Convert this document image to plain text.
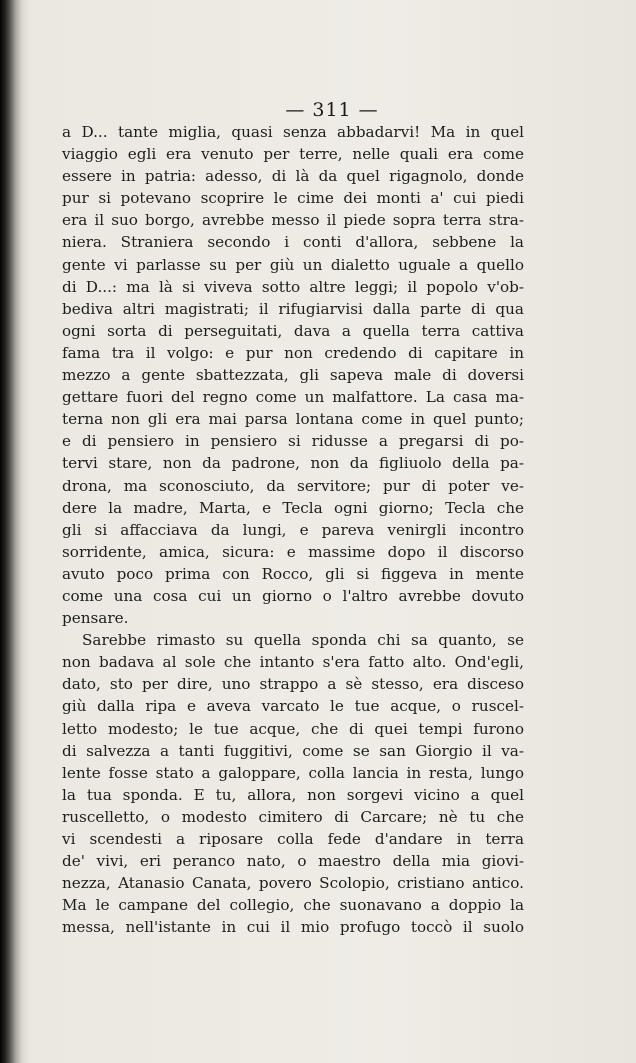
— 311 —
a D... tante miglia, quasi senza abbadarvi! Ma in quel
viaggio egli era venuto per terre, nelle quali era come
essere in patria: adesso, di là da quel rigagnolo, donde
pur si potevano scoprire le cime dei monti a' cui piedi
era il suo borgo, avrebbe messo il piede sopra terra stra-
niera. Straniera secondo i conti d'allora, sebbene la
gente vi parlasse su per giù un dialetto uguale a quello
di D...: ma là si viveva sotto altre leggi; il popolo v'ob-
bediva altri magistrati; il rifugiarvisi dalla parte di qua
ogni sorta di perseguitati, dava a quella terra cattiva
fama tra il volgo: e pur non credendo di capitare in
mezzo a gente sbattezzata, gli sapeva male di doversi
gettare fuori del regno come un malfattore. La casa ma-
terna non gli era mai parsa lontana come in quel punto;
e di pensiero in pensiero si ridusse a pregarsi di po-
tervi stare, non da padrone, non da figliuolo della pa-
drona, ma sconosciuto, da servitore; pur di poter ve-
dere la madre, Marta, e Tecla ogni giorno; Tecla che
gli si affacciava da lungi, e pareva venirgli incontro
sorridente, amica, sicura: e massime dopo il discorso
avuto poco prima con Rocco, gli si figgeva in mente
come una cosa cui un giorno o l'altro avrebbe dovuto
pensare.
Sarebbe rimasto su quella sponda chi sa quanto, se
non badava al sole che intanto s'era fatto alto. Ond'egli,
dato, sto per dire, uno strappo a sè stesso, era disceso
giù dalla ripa e aveva varcato le tue acque, o ruscel-
letto modesto; le tue acque, che di quei tempi furono
di salvezza a tanti fuggitivi, come se san Giorgio il va-
lente fosse stato a galoppare, colla lancia in resta, lungo
la tua sponda. E tu, allora, non sorgevi vicino a quel
ruscelletto, o modesto cimitero di Carcare; nè tu che
vi scendesti a riposare colla fede d'andare in terra
de' vivi, eri peranco nato, o maestro della mia giovi-
nezza, Atanasio Canata, povero Scolopio, cristiano antico.
Ma le campane del collegio, che suonavano a doppio la
messa, nell'istante in cui il mio profugo toccò il suolo
